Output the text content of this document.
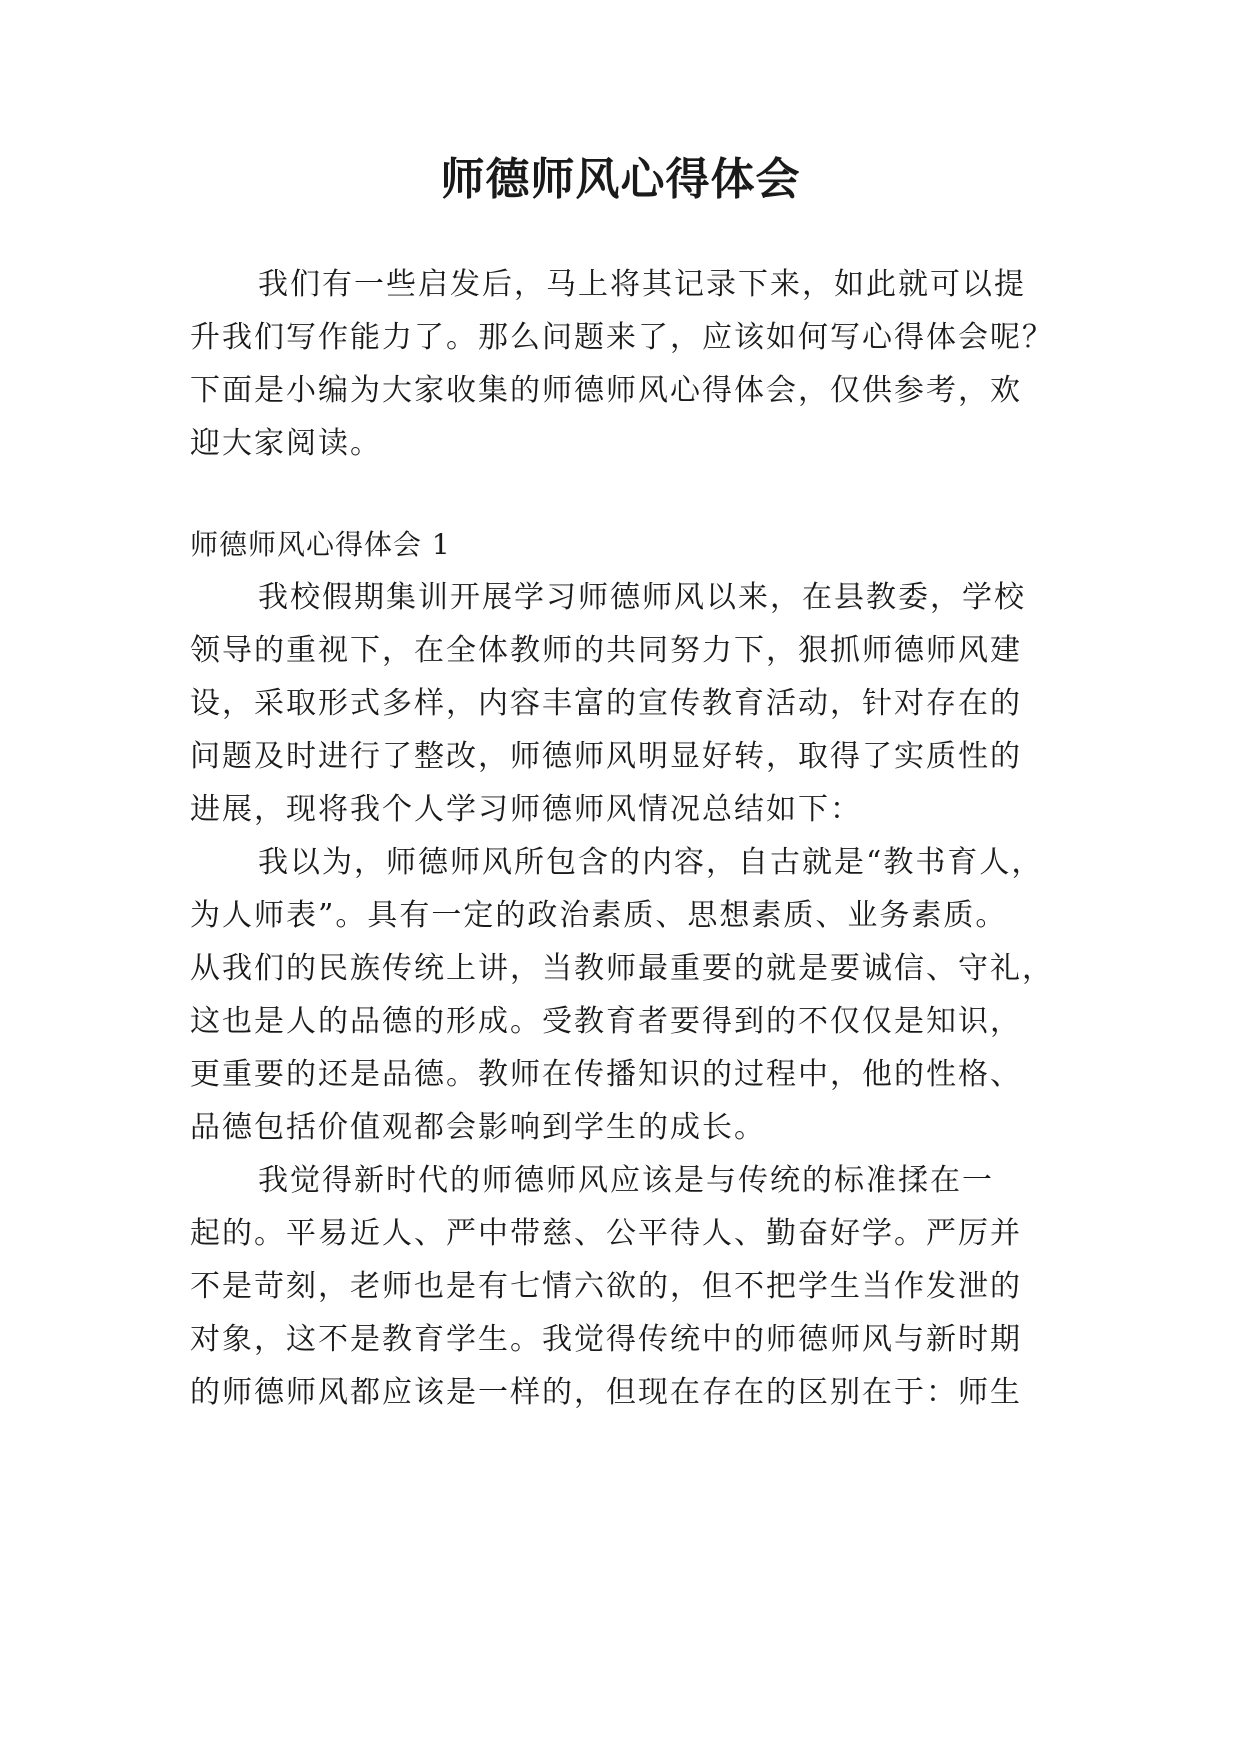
师德师风心得体会

我们有一些启发后，马上将其记录下来，如此就可以提

升我们写作能力了。那么问题来了，应该如何写心得体会呢？

下面是小编为大家收集的师德师风心得体会，仅供参考，欢

迎大家阅读。

师德师风心得体会 1

我校假期集训开展学习师德师风以来，在县教委，学校

领导的重视下，在全体教师的共同努力下，狠抓师德师风建

设，采取形式多样，内容丰富的宣传教育活动，针对存在的

问题及时进行了整改，师德师风明显好转，取得了实质性的

进展，现将我个人学习师德师风情况总结如下：

我以为，师德师风所包含的内容，自古就是“教书育人，

为人师表”。具有一定的政治素质、思想素质、业务素质。

从我们的民族传统上讲，当教师最重要的就是要诚信、守礼，

这也是人的品德的形成。受教育者要得到的不仅仅是知识，

更重要的还是品德。教师在传播知识的过程中，他的性格、

品德包括价值观都会影响到学生的成长。

我觉得新时代的师德师风应该是与传统的标准揉在一

起的。平易近人、严中带慈、公平待人、勤奋好学。严厉并

不是苛刻，老师也是有七情六欲的，但不把学生当作发泄的

对象，这不是教育学生。我觉得传统中的师德师风与新时期

的师德师风都应该是一样的，但现在存在的区别在于：师生
